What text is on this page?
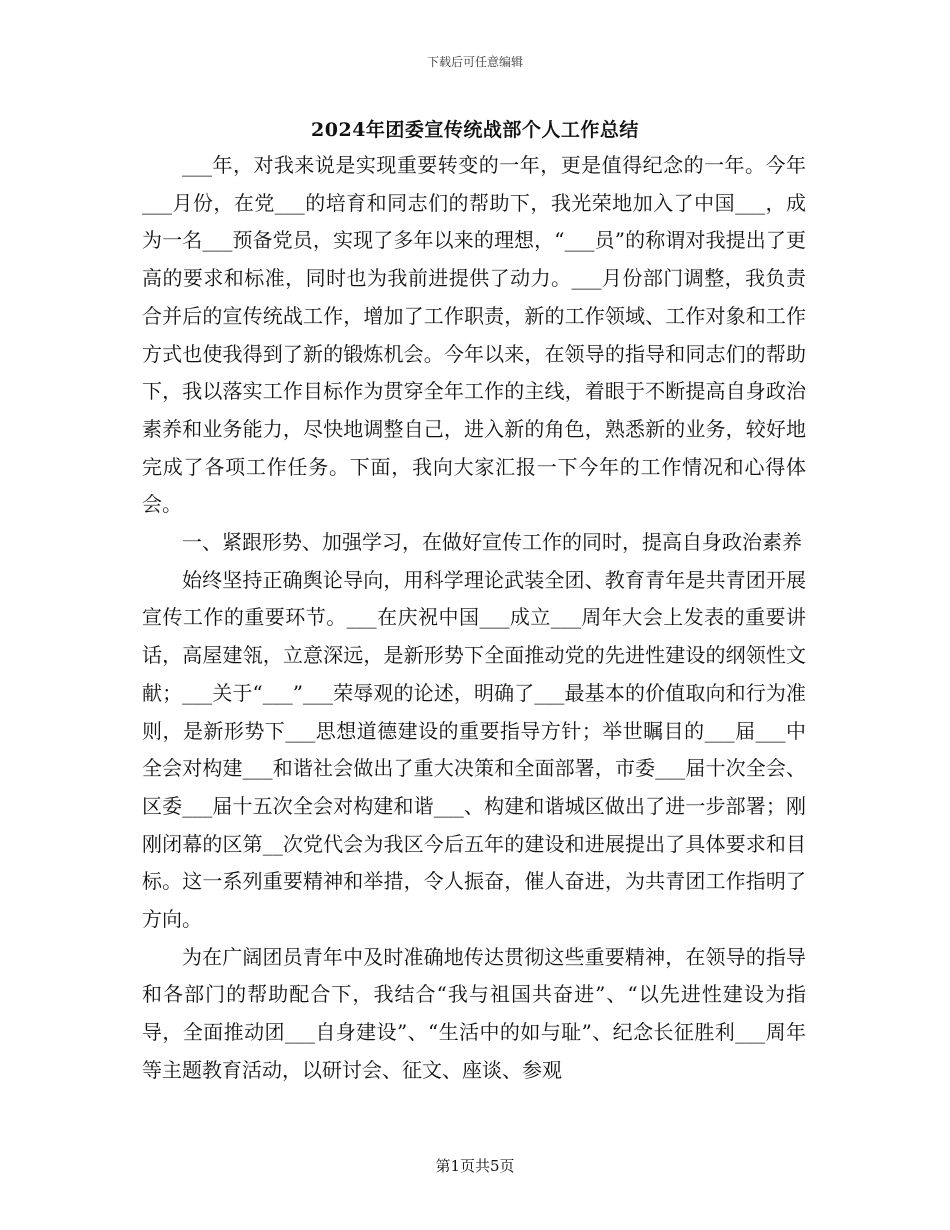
下载后可任意编辑
2024年团委宣传统战部个人工作总结

___年，对我来说是实现重要转变的一年，更是值得纪念的一年。今年___月份，在党___的培育和同志们的帮助下，我光荣地加入了中国___，成为一名___预备党员，实现了多年以来的理想，“___员”的称谓对我提出了更高的要求和标准，同时也为我前进提供了动力。___月份部门调整，我负责合并后的宣传统战工作，增加了工作职责，新的工作领域、工作对象和工作方式也使我得到了新的锻炼机会。今年以来，在领导的指导和同志们的帮助下，我以落实工作目标作为贯穿全年工作的主线，着眼于不断提高自身政治素养和业务能力，尽快地调整自己，进入新的角色，熟悉新的业务，较好地完成了各项工作任务。下面，我向大家汇报一下今年的工作情况和心得体会。

一、紧跟形势、加强学习，在做好宣传工作的同时，提高自身政治素养

始终坚持正确舆论导向，用科学理论武装全团、教育青年是共青团开展宣传工作的重要环节。___在庆祝中国___成立___周年大会上发表的重要讲话，高屋建瓴，立意深远，是新形势下全面推动党的先进性建设的纲领性文献；___关于“___”___荣辱观的论述，明确了___最基本的价值取向和行为准则，是新形势下___思想道德建设的重要指导方针；举世瞩目的___届___中全会对构建___和谐社会做出了重大决策和全面部署，市委___届十次全会、区委___届十五次全会对构建和谐___、构建和谐城区做出了进一步部署；刚刚闭幕的区第__次党代会为我区今后五年的建设和进展提出了具体要求和目标。这一系列重要精神和举措，令人振奋，催人奋进，为共青团工作指明了方向。

为在广阔团员青年中及时准确地传达贯彻这些重要精神，在领导的指导和各部门的帮助配合下，我结合“我与祖国共奋进”、“以先进性建设为指导，全面推动团___自身建设”、“生活中的如与耻”、纪念长征胜利___周年等主题教育活动，以研讨会、征文、座谈、参观

第1页共5页
